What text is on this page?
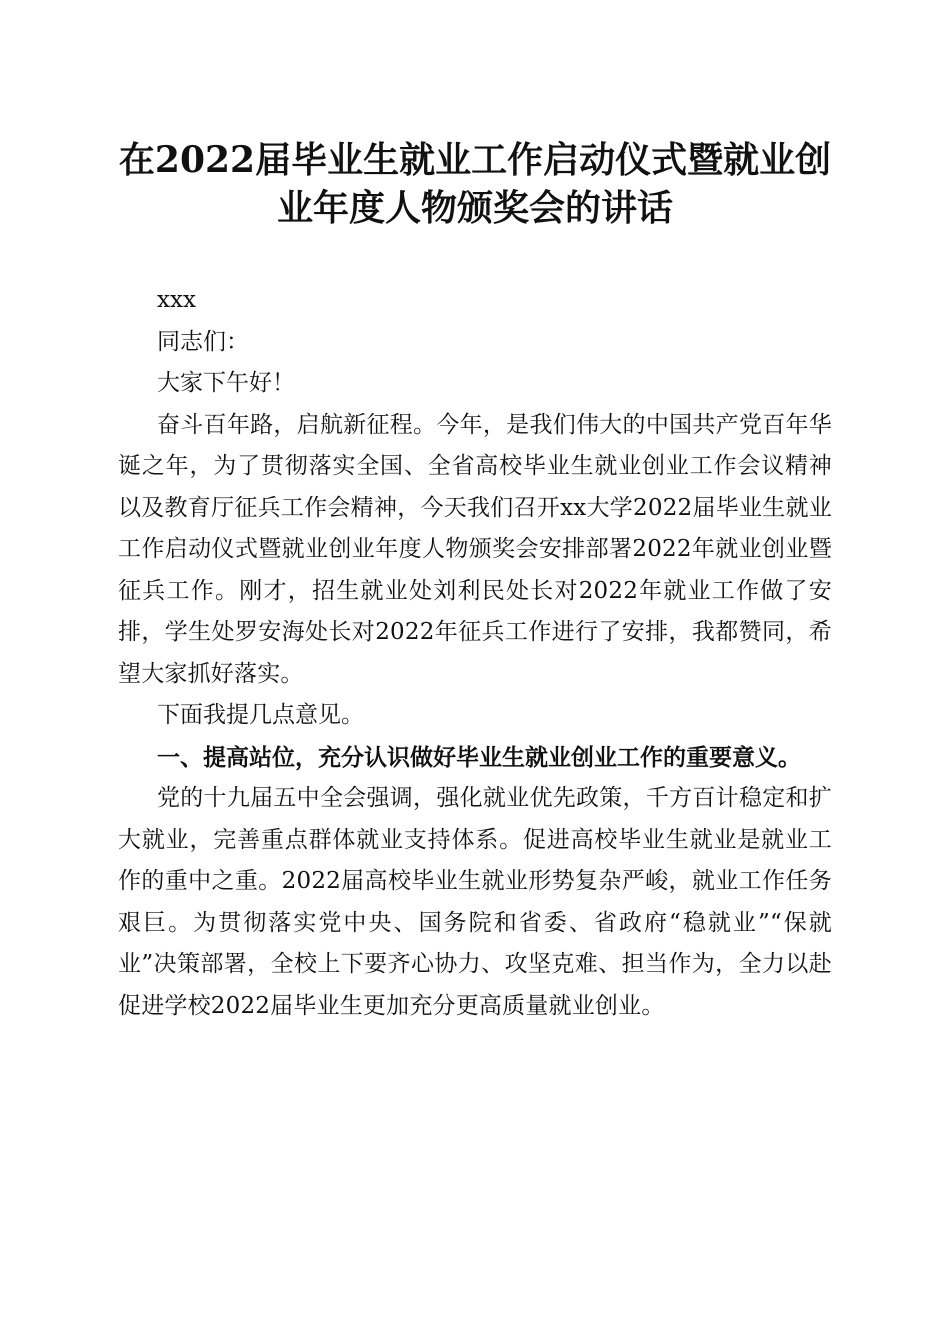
在2022届毕业生就业工作启动仪式暨就业创业年度人物颁奖会的讲话

xxx

同志们：

大家下午好！

奋斗百年路，启航新征程。今年，是我们伟大的中国共产党百年华诞之年，为了贯彻落实全国、全省高校毕业生就业创业工作会议精神以及教育厅征兵工作会精神，今天我们召开xx大学2022届毕业生就业工作启动仪式暨就业创业年度人物颁奖会安排部署2022年就业创业暨征兵工作。刚才，招生就业处刘利民处长对2022年就业工作做了安排，学生处罗安海处长对2022年征兵工作进行了安排，我都赞同，希望大家抓好落实。

下面我提几点意见。

一、提高站位，充分认识做好毕业生就业创业工作的重要意义。

党的十九届五中全会强调，强化就业优先政策，千方百计稳定和扩大就业，完善重点群体就业支持体系。促进高校毕业生就业是就业工作的重中之重。2022届高校毕业生就业形势复杂严峻，就业工作任务艰巨。为贯彻落实党中央、国务院和省委、省政府“稳就业”“保就业”决策部署，全校上下要齐心协力、攻坚克难、担当作为，全力以赴促进学校2022届毕业生更加充分更高质量就业创业。
